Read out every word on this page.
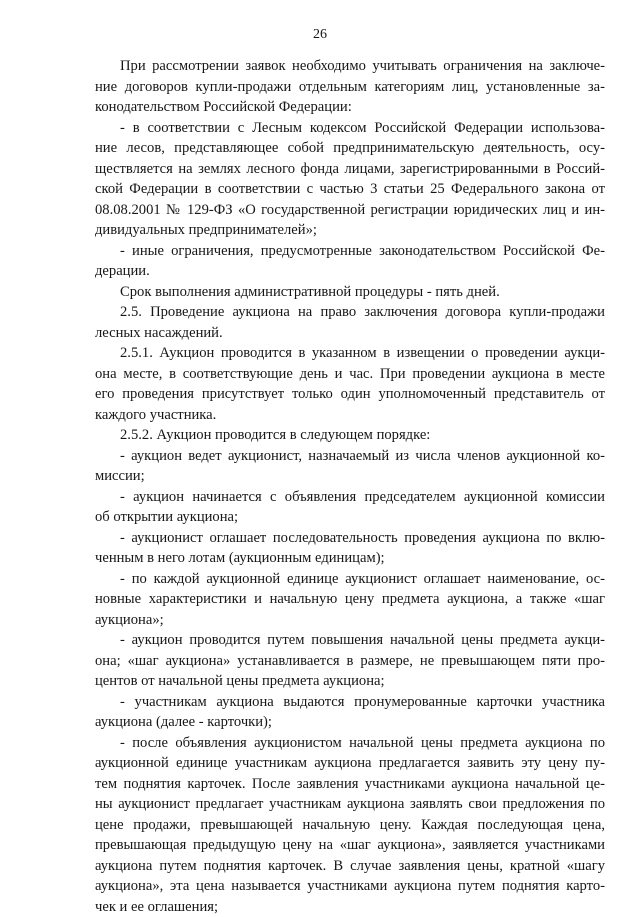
26
При рассмотрении заявок необходимо учитывать ограничения на заключе-
ние договоров купли-продажи отдельным категориям лиц, установленные за-
конодательством Российской Федерации:
- в соответствии с Лесным кодексом Российской Федерации использова-
ние лесов, представляющее собой предпринимательскую деятельность, осу-
ществляется на землях лесного фонда лицами, зарегистрированными в Россий-
ской Федерации в соответствии с частью 3 статьи 25 Федерального закона от
08.08.2001 № 129-ФЗ «О государственной регистрации юридических лиц и ин-
дивидуальных предпринимателей»;
- иные ограничения, предусмотренные законодательством Российской Фе-
дерации.
Срок выполнения административной процедуры - пять дней.
2.5. Проведение аукциона на право заключения договора купли-продажи
лесных насаждений.
2.5.1. Аукцион проводится в указанном в извещении о проведении аукци-
она месте, в соответствующие день и час. При проведении аукциона в месте
его проведения присутствует только один уполномоченный представитель от
каждого участника.
2.5.2. Аукцион проводится в следующем порядке:
- аукцион ведет аукционист, назначаемый из числа членов аукционной ко-
миссии;
- аукцион начинается с объявления председателем аукционной комиссии
об открытии аукциона;
- аукционист оглашает последовательность проведения аукциона по вклю-
ченным в него лотам (аукционным единицам);
- по каждой аукционной единице аукционист оглашает наименование, ос-
новные характеристики и начальную цену предмета аукциона, а также «шаг
аукциона»;
- аукцион проводится путем повышения начальной цены предмета аукци-
она; «шаг аукциона» устанавливается в размере, не превышающем пяти про-
центов от начальной цены предмета аукциона;
- участникам аукциона выдаются пронумерованные карточки участника
аукциона (далее - карточки);
- после объявления аукционистом начальной цены предмета аукциона по
аукционной единице участникам аукциона предлагается заявить эту цену пу-
тем поднятия карточек. После заявления участниками аукциона начальной це-
ны аукционист предлагает участникам аукциона заявлять свои предложения по
цене продажи, превышающей начальную цену. Каждая последующая цена,
превышающая предыдущую цену на «шаг аукциона», заявляется участниками
аукциона путем поднятия карточек. В случае заявления цены, кратной «шагу
аукциона», эта цена называется участниками аукциона путем поднятия карто-
чек и ее оглашения;
